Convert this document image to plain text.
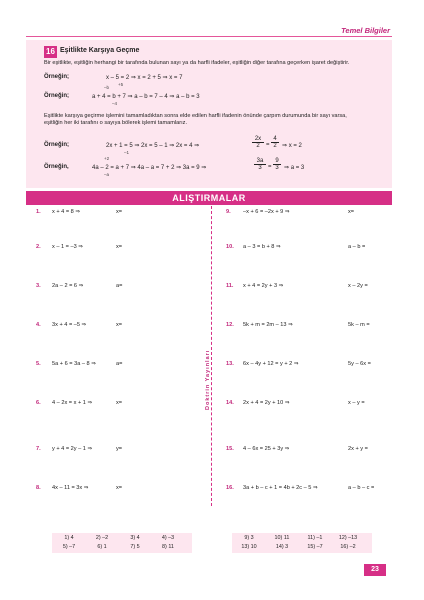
Temel Bilgiler
16 Eşitlikte Karşıya Geçme
Bir eşitlikte, eşitliğin herhangi bir tarafında bulunan sayı ya da harfli ifadeler, eşitliğin diğer tarafına geçerken işaret değiştirir.
Örneğin;	x – 5 = 2 ⇒ x = 2 + 5 ⇒ x = 7
+5
–b
Örneğin;	a + 4 = b + 7 ⇒ a – b = 7 – 4 ⇒ a – b = 3
–4
Eşitlikte karşıya geçirme işlemini tamamladıktan sonra elde edilen harfli ifadenin önünde çarpım durumunda bir sayı varsa,
eşitliğin her iki tarafını o sayıya bölerek işlemi tamamlarız.
Örneğin;	2x + 1 = 5 ⇒ 2x = 5 – 1 ⇒ 2x = 4 ⇒	$\frac{2x}{2} = \frac{4}{2}$ ⇒ x = 2
–1
+2
Örneğin,	4a – 2 = a + 7 ⇒ 4a – a = 7 + 2 ⇒ 3a = 9 ⇒	$\frac{3a}{3} = \frac{9}{3}$ ⇒ a = 3
–a
ALIŞTIRMALAR
Doktrin Yayınları
1. x + 4 = 8 ⇒	x=
2. x – 1 = –3 ⇒	x=
3. 2a – 2 = 6 ⇒	a=
4. 3x + 4 = –5 ⇒	x=
5. 5a + 6 = 3a – 8 ⇒	a=
6. 4 – 2x = x + 1 ⇒	x=
7. y + 4 = 2y – 1 ⇒	y=
8. 4x – 11 = 3x ⇒	x=
9. –x + 6 = –2x + 9 ⇒	x=
10. a – 3 = b + 8 ⇒	a – b =
11. x + 4 = 2y + 3 ⇒	x – 2y =
12. 5k + m = 2m – 13 ⇒	5k – m =
13. 6x – 4y + 12 = y + 2 ⇒	5y – 6x =
14. 2x + 4 = 2y + 10 ⇒	x – y =
15. 4 – 6x = 25 + 3y ⇒	2x + y =
16. 3a + b – c + 1 = 4b + 2c – 5 ⇒	a – b – c =
1) 4	2) –2	3) 4	4) –3
5) –7	6) 1	7) 5	8) 11
9) 3	10) 11	11) –1	12) –13
13) 10	14) 3	15) –7	16) –2
23
